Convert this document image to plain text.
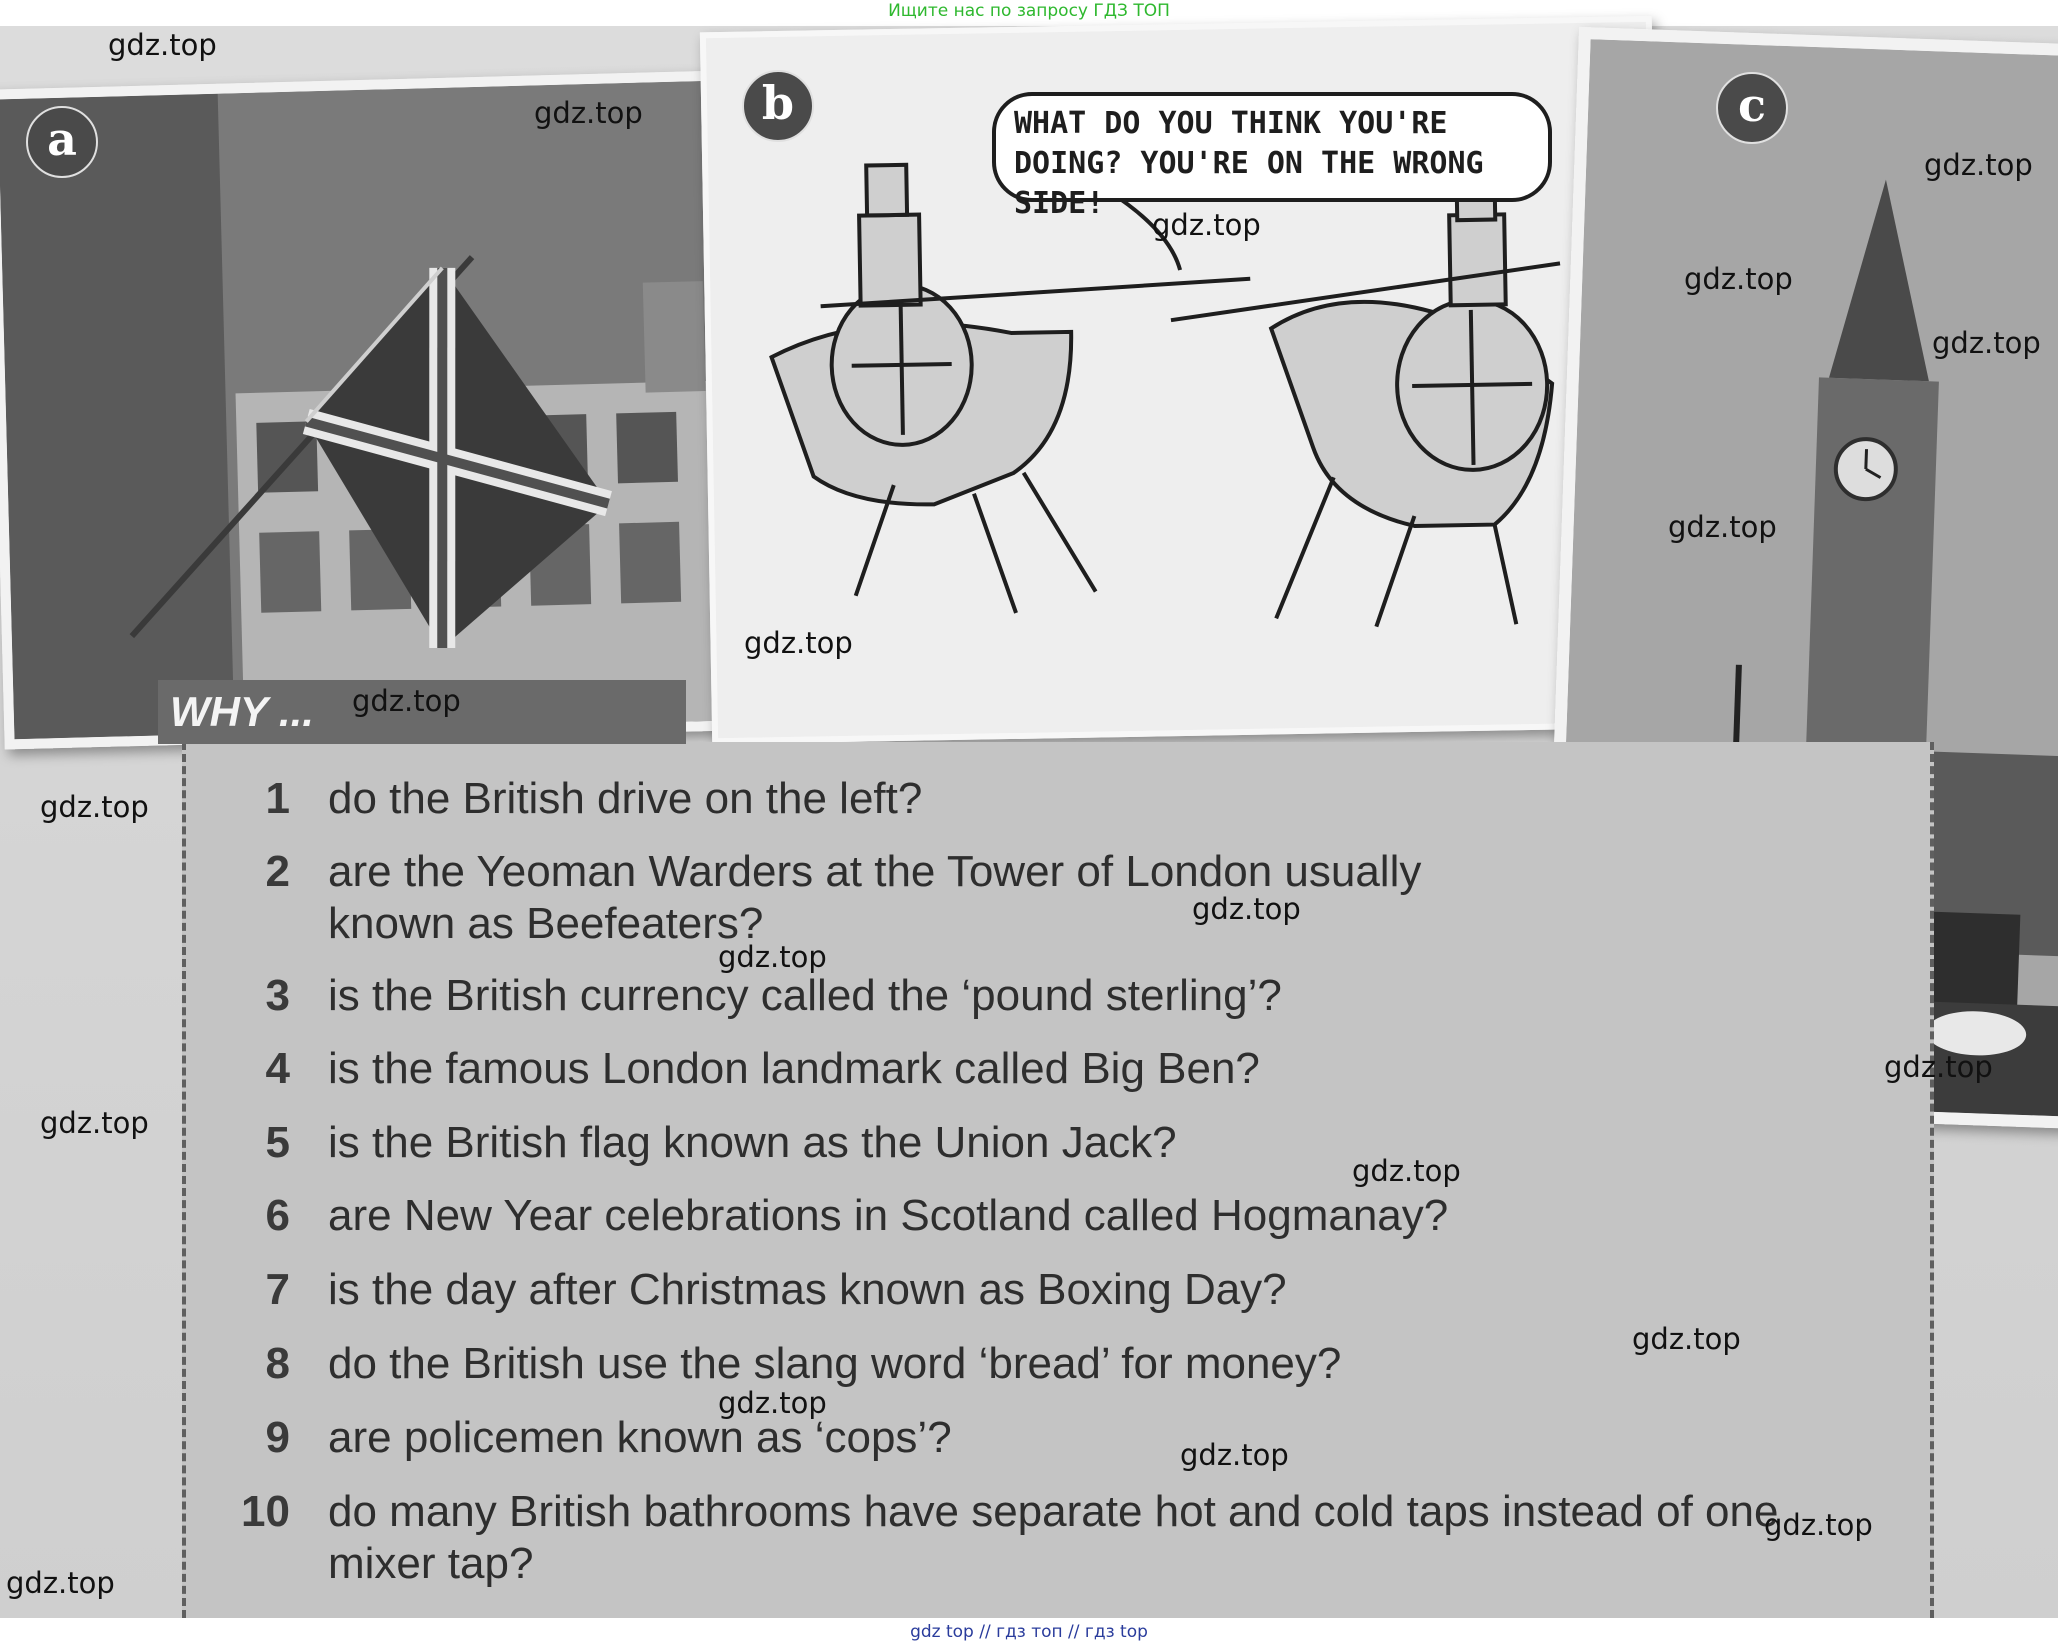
Ищите нас по запросу ГДЗ ТОП
a
b	WHAT DO YOU THINK YOU'RE DOING? YOU'RE ON THE WRONG SIDE!
c
WHY ...
1 do the British drive on the left?
2 are the Yeoman Warders at the Tower of London usually known as Beefeaters?
3 is the British currency called the ‘pound sterling’?
4 is the famous London landmark called Big Ben?
5 is the British flag known as the Union Jack?
6 are New Year celebrations in Scotland called Hogmanay?
7 is the day after Christmas known as Boxing Day?
8 do the British use the slang word ‘bread’ for money?
9 are policemen known as ‘cops’?
10 do many British bathrooms have separate hot and cold taps instead of one mixer tap?
gdz.top
gdz.top
gdz.top
gdz.top
gdz.top
gdz.top
gdz.top
gdz.top
gdz.top
gdz.top
gdz.top
gdz.top
gdz.top
gdz.top
gdz.top
gdz.top
gdz.top
gdz.top
gdz.top
gdz.top
gdz top // гдз топ // гдз top
